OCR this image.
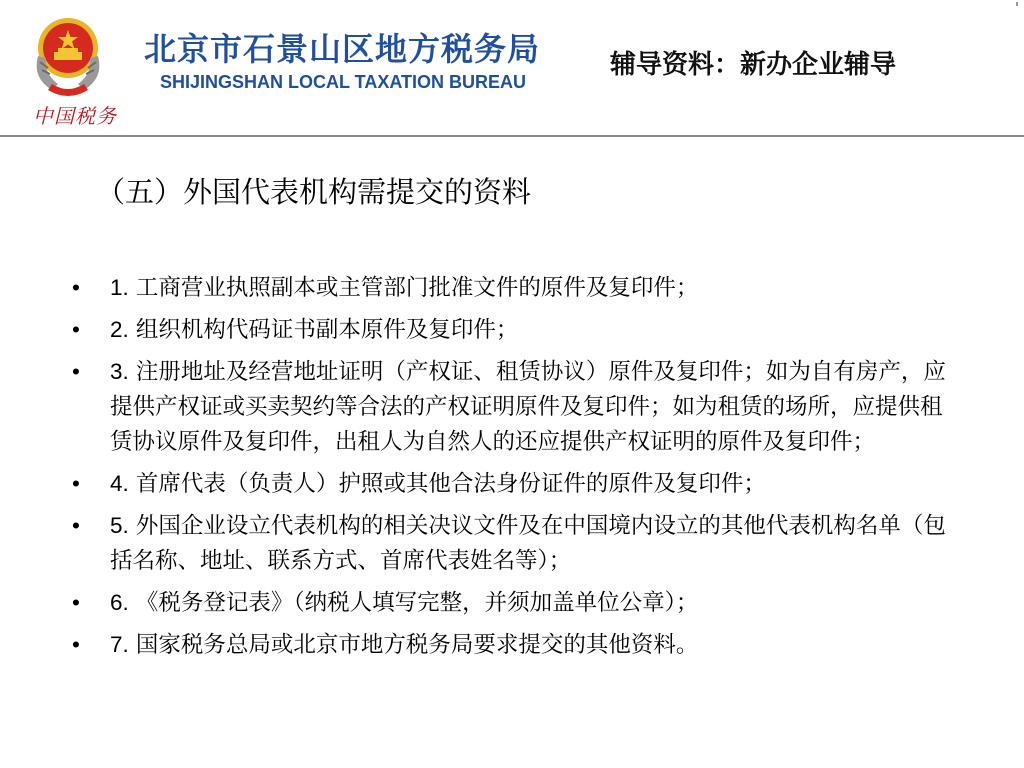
中国税务
北京市石景山区地方税务局
SHIJINGSHAN LOCAL TAXATION BUREAU
辅导资料：新办企业辅导
（五）外国代表机构需提交的资料
• 1. 工商营业执照副本或主管部门批准文件的原件及复印件；
• 2. 组织机构代码证书副本原件及复印件；
• 3. 注册地址及经营地址证明（产权证、租赁协议）原件及复印件；如为自有房产，应提供产权证或买卖契约等合法的产权证明原件及复印件；如为租赁的场所，应提供租赁协议原件及复印件，出租人为自然人的还应提供产权证明的原件及复印件；
• 4. 首席代表（负责人）护照或其他合法身份证件的原件及复印件；
• 5. 外国企业设立代表机构的相关决议文件及在中国境内设立的其他代表机构名单（包括名称、地址、联系方式、首席代表姓名等）；
• 6. 《税务登记表》（纳税人填写完整，并须加盖单位公章）；
• 7. 国家税务总局或北京市地方税务局要求提交的其他资料。
